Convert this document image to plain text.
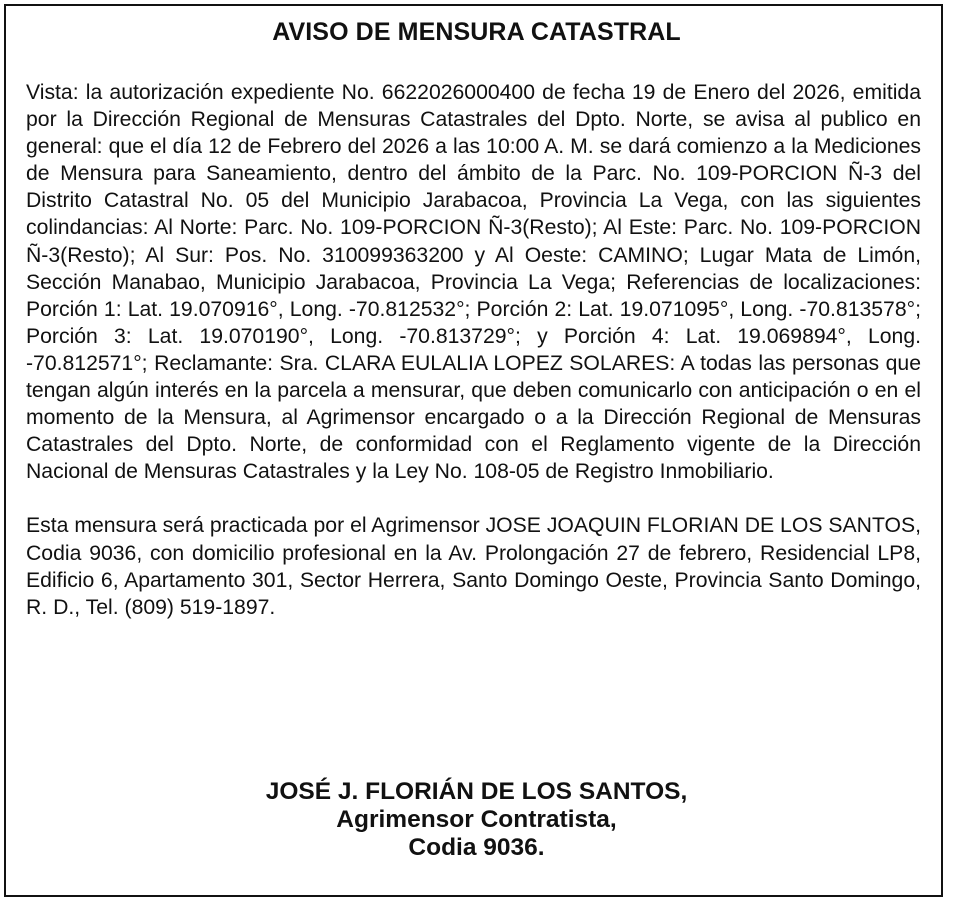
AVISO DE MENSURA CATASTRAL

Vista: la autorización expediente No. 6622026000400 de fecha 19 de Enero del 2026, emitida por la Dirección Regional de Mensuras Catastrales del Dpto. Norte, se avisa al publico en general: que el día 12 de Febrero del 2026 a las 10:00 A. M. se dará comienzo a la Mediciones de Mensura para Saneamiento, dentro del ámbito de la Parc. No. 109-PORCION Ñ-3 del Distrito Catastral No. 05 del Municipio Jarabacoa, Provincia La Vega, con las siguientes colindancias: Al Norte: Parc. No. 109-PORCION Ñ-3(Resto); Al Este: Parc. No. 109-PORCION Ñ-3(Resto); Al Sur: Pos. No. 310099363200 y Al Oeste: CAMINO; Lugar Mata de Limón, Sección Manabao, Municipio Jarabacoa, Provincia La Vega; Referencias de localizaciones: Porción 1: Lat. 19.070916°, Long. -70.812532°; Porción 2: Lat. 19.071095°, Long. -70.813578°; Porción 3: Lat. 19.070190°, Long. -70.813729°; y Porción 4: Lat. 19.069894°, Long. -70.812571°; Reclamante: Sra. CLARA EULALIA LOPEZ SOLARES: A todas las personas que tengan algún interés en la parcela a mensurar, que deben comunicarlo con anticipación o en el momento de la Mensura, al Agrimensor encargado o a la Dirección Regional de Mensuras Catastrales del Dpto. Norte, de conformidad con el Reglamento vigente de la Dirección Nacional de Mensuras Catastrales y la Ley No. 108-05 de Registro Inmobiliario.

Esta mensura será practicada por el Agrimensor JOSE JOAQUIN FLORIAN DE LOS SANTOS, Codia 9036, con domicilio profesional en la Av. Prolongación 27 de febrero, Residencial LP8, Edificio 6, Apartamento 301, Sector Herrera, Santo Domingo Oeste, Provincia Santo Domingo, R. D., Tel. (809) 519-1897.

JOSÉ J. FLORIÁN DE LOS SANTOS,
Agrimensor Contratista,
Codia 9036.
